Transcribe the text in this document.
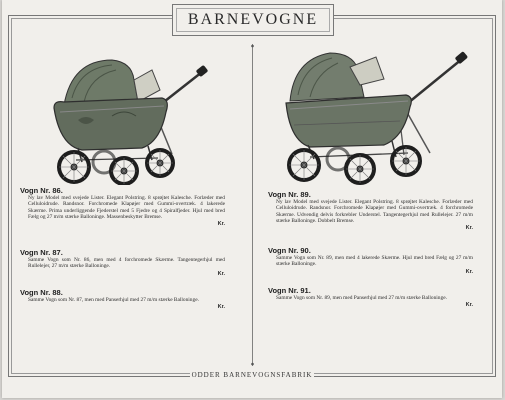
BARNEVOGNE
Vogn Nr. 86.
Ny lav Model med svejede Lister. Elegant Polstring. 8 sprøjtet Kalesche. Forlæder med Celluloidrude. Randsnor. Forchromede Klapøjer med Gummi-overtræk. 4 lakerede Skærme. Prima underliggende Fjederstel med 5 Fjedre og 4 Spiralfjeder. Hjul med bred Fælg og 27 m/m stærke Balloninge. Massenbeskytter Bremse.
Kr.
Vogn Nr. 87.
Samme Vogn som Nr. 86, men med 4 forchromede Skærme. Tangentegerhjul med Rullelejer, 27 m/m stærke Balloninge.
Kr.
Vogn Nr. 88.
Samme Vogn som Nr. 87, men med Panserhjul med 27 m/m stærke Balloninge.
Kr.
Vogn Nr. 89.
Ny lav Model med svejede Lister. Elegant Polstring. 8 sprøjtet Kalesche. Forlæder med Celluloidrude. Randsnor. Forchromede Klapøjer med Gummi-overtræk. 4 forchromede Skærme. Udvendig delvis forkrebler Understel. Tangentegerhjul med Rullelejer. 27 m/m stærke Balloninge. Dobbelt Bremse.
Kr.
Vogn Nr. 90.
Samme Vogn som Nr. 89, men med 4 lakerede Skærme. Hjul med bred Fælg og 27 m/m stærke Balloninge.
Kr.
Vogn Nr. 91.
Samme Vogn som Nr. 89, men med Panserhjul med 27 m/m stærke Balloninge.
Kr.
ODDER BARNEVOGNSFABRIK
